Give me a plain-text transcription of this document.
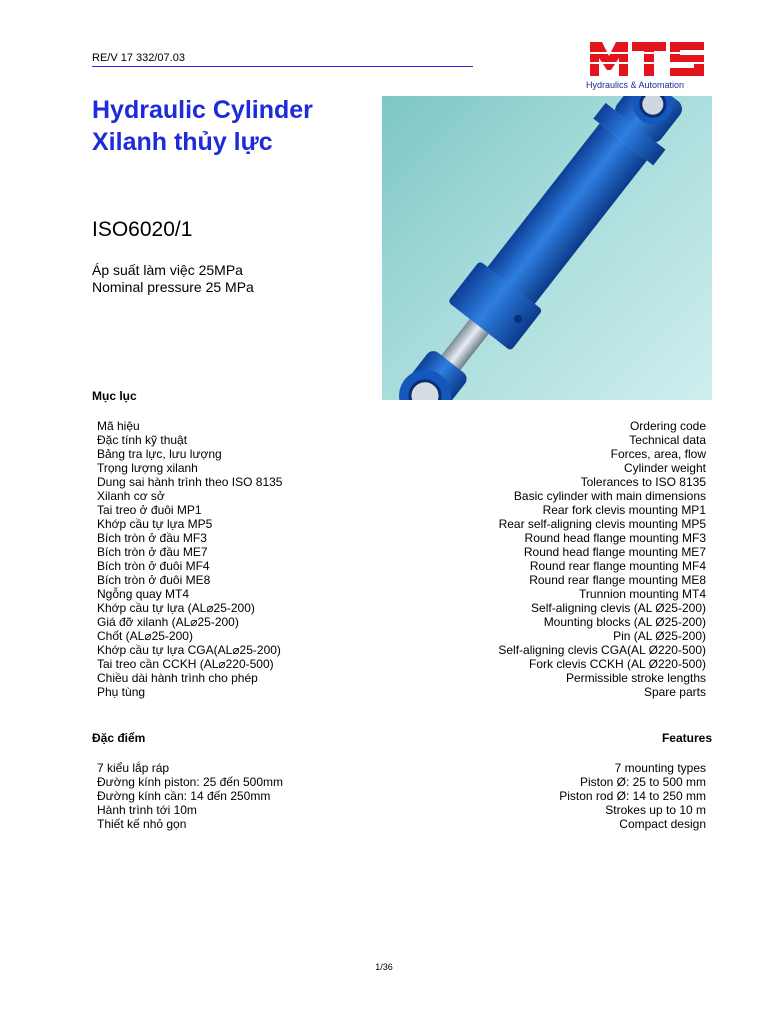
RE/V 17 332/07.03
Hydraulics & Automation
Hydraulic Cylinder
Xilanh thủy lực
ISO6020/1
Áp suất làm việc 25MPa
Nominal pressure 25 MPa
Mục lục
Mã hiệu	Ordering code
Đặc tính kỹ thuật	Technical data
Bảng tra lực, lưu lượng	Forces, area, flow
Trọng lượng xilanh	Cylinder weight
Dung sai hành trình theo ISO 8135	Tolerances to ISO 8135
Xilanh cơ sở	Basic cylinder with main dimensions
Tai treo ở đuôi MP1	Rear fork clevis mounting MP1
Khớp cầu tự lựa MP5	Rear self-aligning clevis mounting MP5
Bích tròn ở đầu MF3	Round head flange mounting MF3
Bích tròn ở đầu ME7	Round head flange mounting ME7
Bích tròn ở đuôi MF4	Round rear flange mounting MF4
Bích tròn ở đuôi ME8	Round rear flange mounting ME8
Ngỗng quay MT4	Trunnion mounting MT4
Khớp cầu tự lựa (AL⌀25-200)	Self-aligning clevis (AL Ø25-200)
Giá đỡ xilanh (AL⌀25-200)	Mounting blocks (AL Ø25-200)
Chốt (AL⌀25-200)	Pin (AL Ø25-200)
Khớp cầu tự lựa CGA(AL⌀25-200)	Self-aligning clevis CGA(AL Ø220-500)
Tai treo cần CCKH (AL⌀220-500)	Fork clevis CCKH (AL Ø220-500)
Chiều dài hành trình cho phép	Permissible stroke lengths
Phụ tùng	Spare parts
Đặc điểm	Features
7 kiểu lắp ráp	7 mounting types
Đường kính piston: 25 đến 500mm	Piston Ø: 25 to 500 mm
Đường kính cần: 14 đến 250mm	Piston rod Ø: 14 to 250 mm
Hành trình tới 10m	Strokes up to 10 m
Thiết kế nhỏ gọn	Compact design
1/36
